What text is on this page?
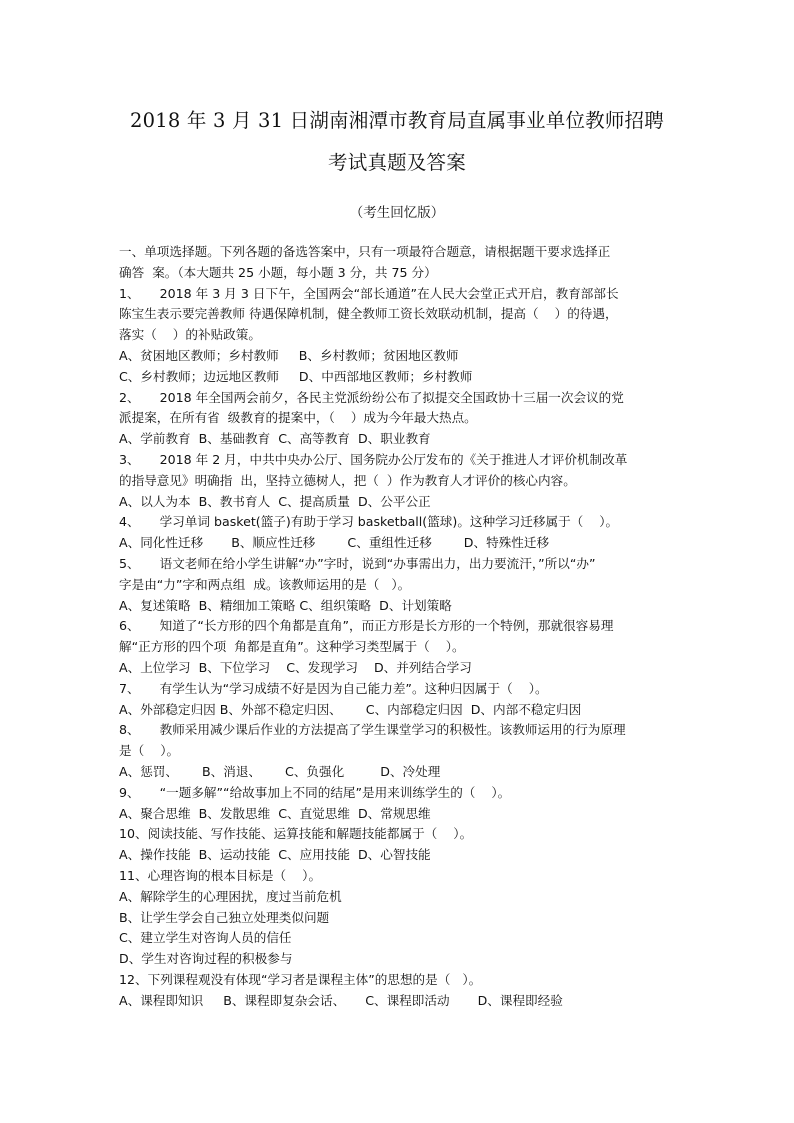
2018 年 3 月 31 日湖南湘潭市教育局直属事业单位教师招聘
考试真题及答案
（考生回忆版）
一、单项选择题。下列各题的备选答案中，只有一项最符合题意，请根据题干要求选择正
确答  案。（本大题共 25 小题，每小题 3 分，共 75 分）
1、     2018 年 3 月 3 日下午，全国两会“部长通道”在人民大会堂正式开启，教育部部长
陈宝生表示要完善教师 待遇保障机制，健全教师工资长效联动机制，提高（    ）的待遇，
落实（    ）的补贴政策。
A、贫困地区教师；乡村教师     B、乡村教师；贫困地区教师
C、乡村教师；边远地区教师     D、中西部地区教师；乡村教师
2、     2018 年全国两会前夕，各民主党派纷纷公布了拟提交全国政协十三届一次会议的党
派提案，在所有省  级教育的提案中，（    ）成为今年最大热点。
A、学前教育  B、基础教育  C、高等教育  D、职业教育
3、     2018 年 2 月，中共中央办公厅、国务院办公厅发布的《关于推进人才评价机制改革
的指导意见》明确指  出，坚持立德树人，把（  ）作为教育人才评价的核心内容。
A、以人为本  B、教书育人  C、提高质量  D、公平公正
4、     学习单词 basket(篮子)有助于学习 basketball(篮球)。这种学习迁移属于（    ）。
A、同化性迁移       B、顺应性迁移        C、重组性迁移        D、特殊性迁移
5、     语文老师在给小学生讲解“办”字时，说到“办事需出力，出力要流汗，”所以“办”
字是由“力”字和两点组  成。该教师运用的是（   ）。
A、复述策略  B、精细加工策略 C、组织策略  D、计划策略
6、     知道了“长方形的四个角都是直角”，而正方形是长方形的一个特例，那就很容易理
解“正方形的四个项  角都是直角”。这种学习类型属于（    ）。
A、上位学习  B、下位学习    C、发现学习    D、并列结合学习
7、     有学生认为“学习成绩不好是因为自己能力差”。这种归因属于（    ）。
A、外部稳定归因 B、外部不稳定归因、      C、内部稳定归因  D、内部不稳定归因
8、     教师采用减少课后作业的方法提高了学生课堂学习的积极性。该教师运用的行为原理
是（    ）。
A、惩罚、      B、消退、      C、负强化         D、冷处理
9、     “一题多解”“给故事加上不同的结尾”是用来训练学生的（    ）。
A、聚合思维  B、发散思维  C、直觉思维  D、常规思维
10、阅读技能、写作技能、运算技能和解题技能都属于（    ）。
A、操作技能  B、运动技能  C、应用技能  D、心智技能
11、心理咨询的根本目标是（    ）。
A、解除学生的心理困扰，度过当前危机
B、让学生学会自己独立处理类似问题
C、建立学生对咨询人员的信任
D、学生对咨询过程的积极参与
12、下列课程观没有体现“学习者是课程主体”的思想的是（   ）。
A、课程即知识     B、课程即复杂会话、     C、课程即活动       D、课程即经验
